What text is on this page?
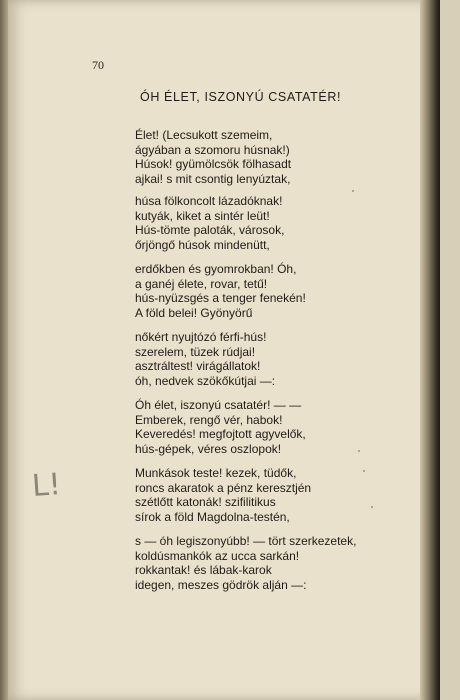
70
ÓH ÉLET, ISZONYÚ CSATATÉR!
Élet! (Lecsukott szemeim,
ágyában a szomoru húsnak!)
Húsok! gyümölcsök fölhasadt
ajkai! s mit csontig lenyúztak,
húsa fölkoncolt lázadóknak!
kutyák, kiket a sintér leüt!
Hús-tömte paloták, városok,
őrjöngő húsok mindenütt,
erdőkben és gyomrokban! Óh,
a ganéj élete, rovar, tetű!
hús-nyüzsgés a tenger fenekén!
A föld belei! Gyönyörű
nőkért nyujtózó férfi-hús!
szerelem, tüzek rúdjai!
asztráltest! virágállatok!
óh, nedvek szökőkútjai —:
Óh élet, iszonyú csatatér! — —
Emberek, rengő vér, habok!
Keveredés! megfojtott agyvelők,
hús-gépek, véres oszlopok!
Munkások teste! kezek, tüdők,
roncs akaratok a pénz keresztjén
szétlőtt katonák! szifilitikus
sírok a föld Magdolna-testén,
s — óh legiszonyúbb! — tört szerkezetek,
koldúsmankók az ucca sarkán!
rokkantak! és lábak-karok
idegen, meszes gödrök alján —:
L!
